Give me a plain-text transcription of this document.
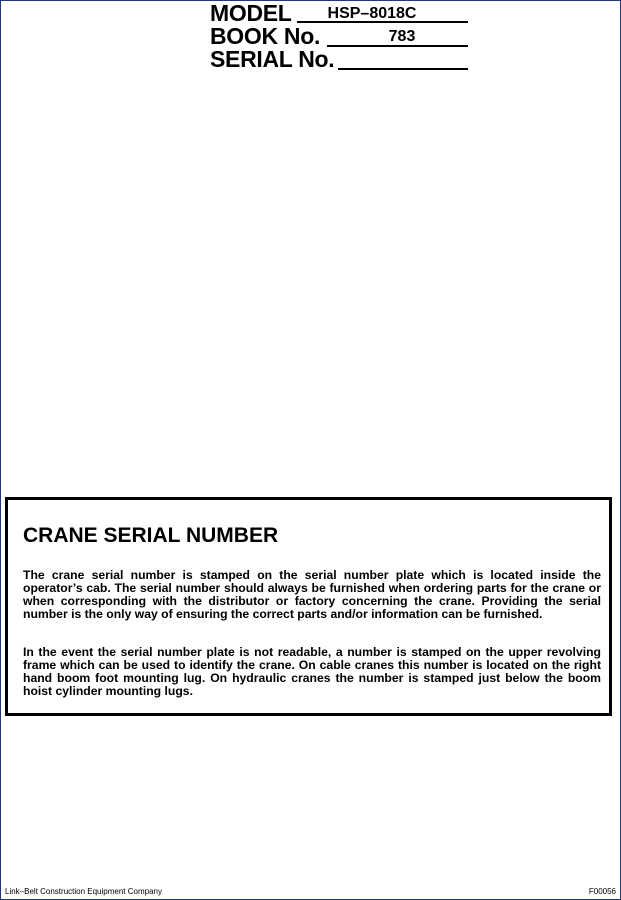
MODEL	HSP–8018C
BOOK No.	783
SERIAL No.
CRANE SERIAL NUMBER

The crane serial number is stamped on the serial number plate which is located inside the operator’s cab. The serial number should always be furnished when ordering parts for the crane or when corresponding with the distributor or factory concerning the crane. Providing the serial number is the only way of ensuring the correct parts and/or information can be furnished.

In the event the serial number plate is not readable, a number is stamped on the upper revolving frame which can be used to identify the crane. On cable cranes this number is located on the right hand boom foot mounting lug. On hydraulic cranes the number is stamped just below the boom hoist cylinder mounting lugs.

Link–Belt Construction Equipment Company	F00056
